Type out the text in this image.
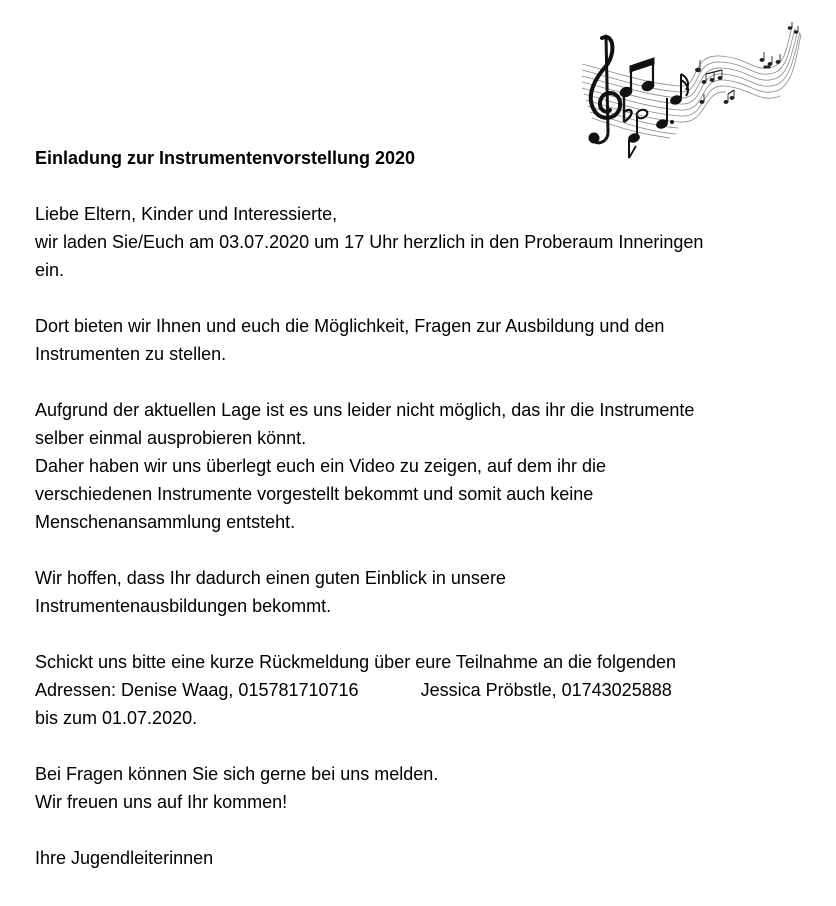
Einladung zur Instrumentenvorstellung 2020

Liebe Eltern, Kinder und Interessierte,
wir laden Sie/Euch am 03.07.2020 um 17 Uhr herzlich in den Proberaum Inneringen
ein.

Dort bieten wir Ihnen und euch die Möglichkeit, Fragen zur Ausbildung und den
Instrumenten zu stellen.

Aufgrund der aktuellen Lage ist es uns leider nicht möglich, das ihr die Instrumente
selber einmal ausprobieren könnt.
Daher haben wir uns überlegt euch ein Video zu zeigen, auf dem ihr die
verschiedenen Instrumente vorgestellt bekommt und somit auch keine
Menschenansammlung entsteht.

Wir hoffen, dass Ihr dadurch einen guten Einblick in unsere
Instrumentenausbildungen bekommt.

Schickt uns bitte eine kurze Rückmeldung über eure Teilnahme an die folgenden
Adressen: Denise Waag, 015781710716	Jessica Pröbstle, 01743025888
bis zum 01.07.2020.

Bei Fragen können Sie sich gerne bei uns melden.
Wir freuen uns auf Ihr kommen!

Ihre Jugendleiterinnen
